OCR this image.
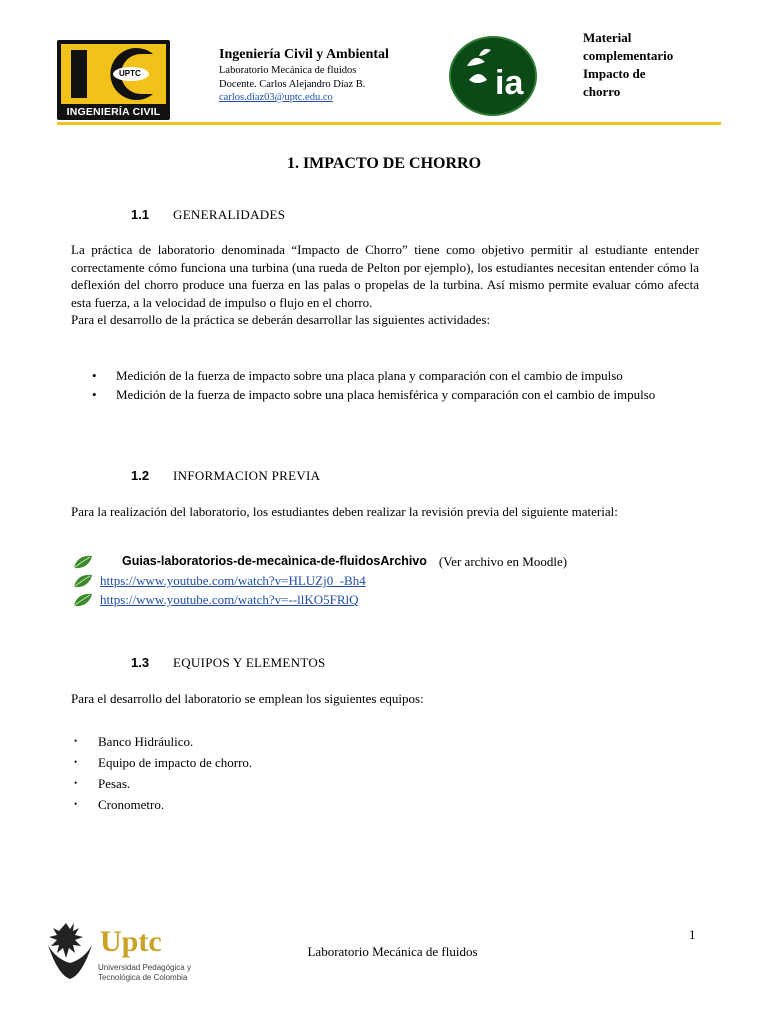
UPTC
INGENIERÍA CIVIL
Ingeniería Civil y Ambiental
Laboratorio Mecánica de fluidos
Docente. Carlos Alejandro Díaz B.
carlos.diaz03@uptc.edu.co	ia
Material
complementario
Impacto de
chorro
1. IMPACTO DE CHORRO
1.1 GENERALIDADES

La práctica de laboratorio denominada “Impacto de Chorro” tiene como objetivo permitir al estudiante entender correctamente cómo funciona una turbina (una rueda de Pelton por ejemplo), los estudiantes necesitan entender cómo la deflexión del chorro produce una fuerza en las palas o propelas de la turbina. Así mismo permite evaluar cómo afecta esta fuerza, a la velocidad de impulso o flujo en el chorro.

Para el desarrollo de la práctica se deberán desarrollar las siguientes actividades:

• Medición de la fuerza de impacto sobre una placa plana y comparación con el cambio de impulso
• Medición de la fuerza de impacto sobre una placa hemisférica y comparación con el cambio de impulso
1.2 INFORMACION PREVIA
Para la realización del laboratorio, los estudiantes deben realizar la revisión previa del siguiente material:
Guias-laboratorios-de-mecaìnica-de-fluidosArchivo (Ver archivo en Moodle)
https://www.youtube.com/watch?v=HLUZj0_-Bh4
https://www.youtube.com/watch?v=--llKO5FRlQ
1.3 EQUIPOS Y ELEMENTOS
Para el desarrollo del laboratorio se emplean los siguientes equipos:
• Banco Hidráulico.
• Equipo de impacto de chorro.
• Pesas.
• Cronometro.
Uptc
Universidad Pedagógica y
Tecnológica de Colombia
Laboratorio Mecánica de fluidos
1
